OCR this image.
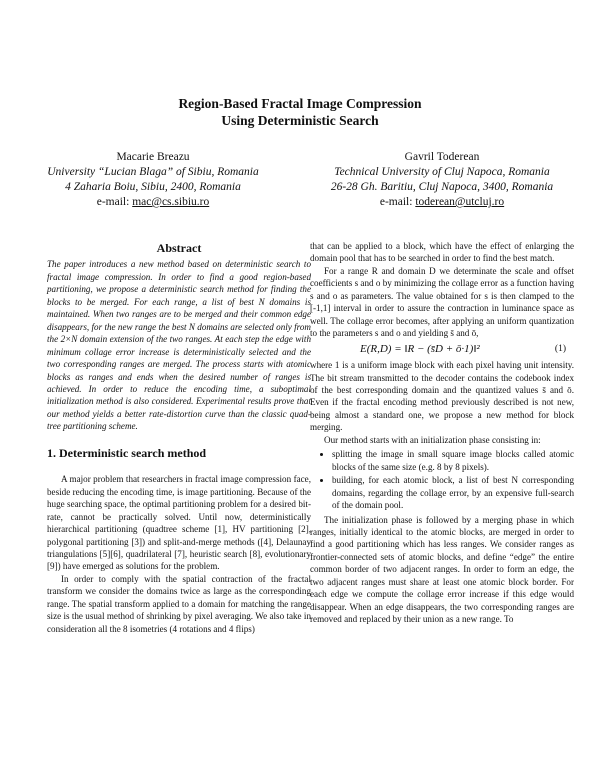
Region-Based Fractal Image Compression
Using Deterministic Search
Macarie Breazu
University “Lucian Blaga” of Sibiu, Romania
4 Zaharia Boiu, Sibiu, 2400, Romania
e-mail: mac@cs.sibiu.ro
Gavril Toderean
Technical University of Cluj Napoca, Romania
26-28 Gh. Baritiu, Cluj Napoca, 3400, Romania
e-mail: toderean@utcluj.ro
Abstract

The paper introduces a new method based on deterministic search to fractal image compression. In order to find a good region-based partitioning, we propose a deterministic search method for finding the blocks to be merged. For each range, a list of best N domains is maintained. When two ranges are to be merged and their common edge disappears, for the new range the best N domains are selected only from the 2×N domain extension of the two ranges. At each step the edge with minimum collage error increase is deterministically selected and the two corresponding ranges are merged. The process starts with atomic blocks as ranges and ends when the desired number of ranges is achieved. In order to reduce the encoding time, a suboptimal initialization method is also considered. Experimental results prove that our method yields a better rate-distortion curve than the classic quad-tree partitioning scheme.

1. Deterministic search method

A major problem that researchers in fractal image compression face, beside reducing the encoding time, is image partitioning. Because of the huge searching space, the optimal partitioning problem for a desired bit-rate, cannot be practically solved. Until now, deterministically hierarchical partitioning (quadtree scheme [1], HV partitioning [2], polygonal partitioning [3]) and split-and-merge methods ([4], Delaunay triangulations [5][6], quadrilateral [7], heuristic search [8], evolutionary [9]) have emerged as solutions for the problem.

In order to comply with the spatial contraction of the fractal transform we consider the domains twice as large as the corresponding range. The spatial transform applied to a domain for matching the range size is the usual method of shrinking by pixel averaging. We also take in consideration all the 8 isometries (4 rotations and 4 flips)

that can be applied to a block, which have the effect of enlarging the domain pool that has to be searched in order to find the best match.

For a range R and domain D we determinate the scale and offset coefficients s and o by minimizing the collage error as a function having s and o as parameters. The value obtained for s is then clamped to the [-1,1] interval in order to assure the contraction in luminance space as well. The collage error becomes, after applying an uniform quantization to the parameters s and o and yielding s̄ and ō,

E(R,D) = ‖R − (s̄D + ō·1)‖²	(1)

where 1 is a uniform image block with each pixel having unit intensity. The bit stream transmitted to the decoder contains the codebook index of the best corresponding domain and the quantized values s̄ and ō. Even if the fractal encoding method previously described is not new, being almost a standard one, we propose a new method for block merging.

Our method starts with an initialization phase consisting in:

• splitting the image in small square image blocks called atomic blocks of the same size (e.g. 8 by 8 pixels).
• building, for each atomic block, a list of best N corresponding domains, regarding the collage error, by an expensive full-search of the domain pool.

The initialization phase is followed by a merging phase in which ranges, initially identical to the atomic blocks, are merged in order to find a good partitioning which has less ranges. We consider ranges as frontier-connected sets of atomic blocks, and define “edge” the entire common border of two adjacent ranges. In order to form an edge, the two adjacent ranges must share at least one atomic block border. For each edge we compute the collage error increase if this edge would disappear. When an edge disappears, the two corresponding ranges are removed and replaced by their union as a new range. To
